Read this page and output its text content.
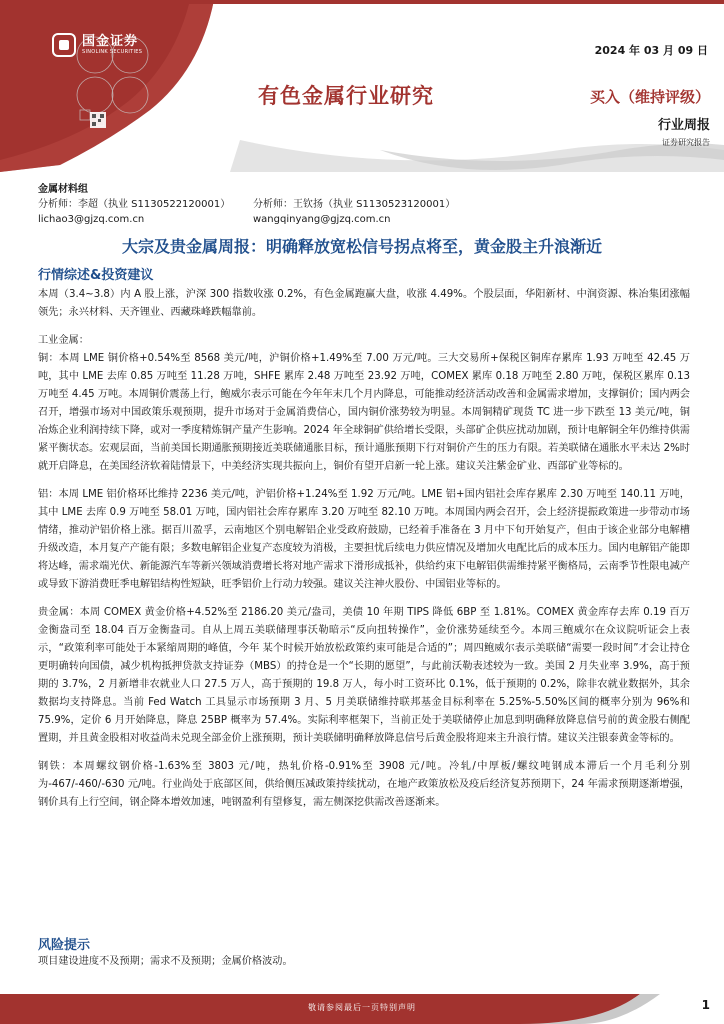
国金证券
SINOLINK SECURITIES	2024 年 03 月 09 日
有色金属行业研究	买入（维持评级）
行业周报
证券研究报告
金属材料组
分析师：李超（执业 S1130522120001）	分析师：王钦扬（执业 S1130523120001）
lichao3@gjzq.com.cn	wangqinyang@gjzq.com.cn
大宗及贵金属周报：明确释放宽松信号拐点将至，黄金股主升浪渐近
行情综述&投资建议

本周（3.4~3.8）内 A 股上涨，沪深 300 指数收涨 0.2%，有色金属跑赢大盘，收涨 4.49%。个股层面，华阳新材、中润资源、株冶集团涨幅领先；永兴材料、天齐锂业、西藏珠峰跌幅靠前。

工业金属：

铜：本周 LME 铜价格+0.54%至 8568 美元/吨，沪铜价格+1.49%至 7.00 万元/吨。三大交易所+保税区铜库存累库 1.93 万吨至 42.45 万吨，其中 LME 去库 0.85 万吨至 11.28 万吨，SHFE 累库 2.48 万吨至 23.92 万吨，COMEX 累库 0.18 万吨至 2.80 万吨，保税区累库 0.13 万吨至 4.45 万吨。本周铜价震荡上行，鲍威尔表示可能在今年年末几个月内降息，可能推动经济活动改善和金属需求增加，支撑铜价；国内两会召开，增强市场对中国政策乐观预期，提升市场对于金属消费信心，国内铜价涨势较为明显。本周铜精矿现货 TC 进一步下跌至 13 美元/吨，铜冶炼企业利润持续下降，或对一季度精炼铜产量产生影响。2024 年全球铜矿供给增长受限，头部矿企供应扰动加剧，预计电解铜全年仍维持供需紧平衡状态。宏观层面，当前美国长期通胀预期接近美联储通胀目标，预计通胀预期下行对铜价产生的压力有限。若美联储在通胀水平未达 2%时就开启降息，在美国经济软着陆情景下，中美经济实现共振向上，铜价有望开启新一轮上涨。建议关注紫金矿业、西部矿业等标的。

铝：本周 LME 铝价格环比维持 2236 美元/吨，沪铝价格+1.24%至 1.92 万元/吨。LME 铝+国内铝社会库存累库 2.30 万吨至 140.11 万吨，其中 LME 去库 0.9 万吨至 58.01 万吨，国内铝社会库存累库 3.20 万吨至 82.10 万吨。本周国内两会召开，会上经济提振政策进一步带动市场情绪，推动沪铝价格上涨。据百川盈孚，云南地区个别电解铝企业受政府鼓励，已经着手准备在 3 月中下旬开始复产，但由于该企业部分电解槽升级改造，本月复产产能有限；多数电解铝企业复产态度较为消极，主要担忧后续电力供应情况及增加火电配比后的成本压力。国内电解铝产能即将达峰，需求端光伏、新能源汽车等新兴领域消费增长将对地产需求下滑形成抵补，供给约束下电解铝供需维持紧平衡格局，云南季节性限电减产或导致下游消费旺季电解铝结构性短缺，旺季铝价上行动力较强。建议关注神火股份、中国铝业等标的。

贵金属：本周 COMEX 黄金价格+4.52%至 2186.20 美元/盎司，美债 10 年期 TIPS 降低 6BP 至 1.81%。COMEX 黄金库存去库 0.19 百万金衡盎司至 18.04 百万金衡盎司。自从上周五美联储理事沃勒暗示“反向扭转操作”，金价涨势延续至今。本周三鲍威尔在众议院听证会上表示，“政策利率可能处于本紧缩周期的峰值，今年 某个时候开始放松政策约束可能是合适的”；周四鲍威尔表示美联储“需要一段时间”才会让持仓更明确转向国债，减少机构抵押贷款支持证券（MBS）的持仓是一个“长期的愿望”，与此前沃勒表述较为一致。美国 2 月失业率 3.9%，高于预期的 3.7%，2 月新增非农就业人口 27.5 万人，高于预期的 19.8 万人，每小时工资环比 0.1%，低于预期的 0.2%，除非农就业数据外，其余数据均支持降息。当前 Fed Watch 工具显示市场预期 3 月、5 月美联储维持联邦基金目标利率在 5.25%-5.50%区间的概率分别为 96%和 75.9%，定价 6 月开始降息，降息 25BP 概率为 57.4%。实际利率框架下，当前正处于美联储停止加息到明确释放降息信号前的黄金股右侧配置期，并且黄金股相对收益尚未兑现全部金价上涨预期，预计美联储明确释放降息信号后黄金股将迎来主升浪行情。建议关注银泰黄金等标的。

钢铁：本周螺纹钢价格-1.63%至 3803 元/吨，热轧价格-0.91%至 3908 元/吨。冷轧/中厚板/螺纹吨钢成本滞后一个月毛利分别为-467/-460/-630 元/吨。行业尚处于底部区间，供给侧压减政策持续扰动，在地产政策放松及疫后经济复苏预期下，24 年需求预期逐渐增强，钢价具有上行空间，钢企降本增效加速，吨钢盈利有望修复，需左侧深挖供需改善逐渐来。

风险提示
项目建设进度不及预期；需求不及预期；金属价格波动。
敬请参阅最后一页特别声明	1
